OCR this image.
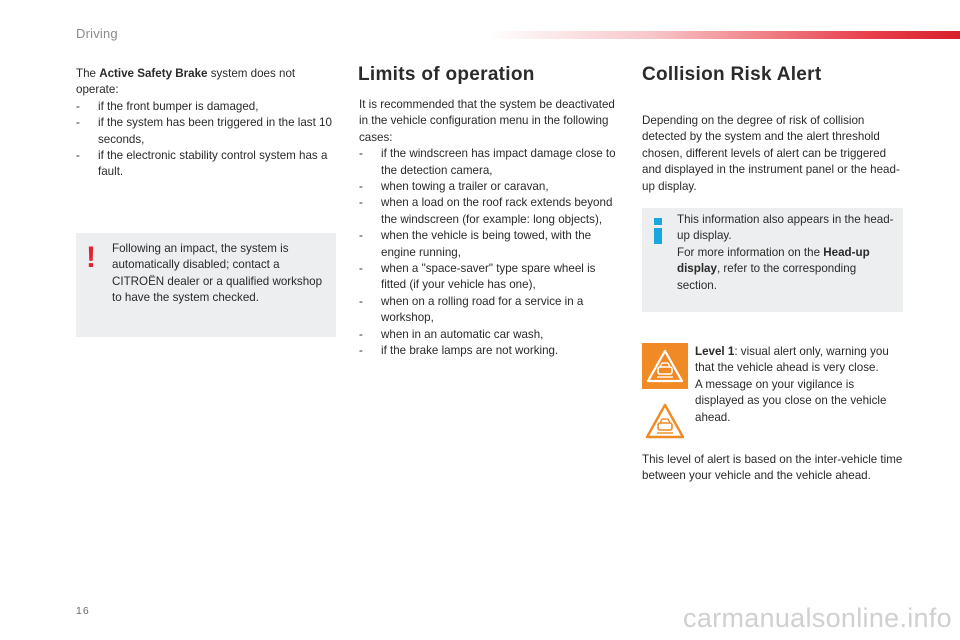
Driving
The Active Safety Brake system does not operate:
- if the front bumper is damaged,
- if the system has been triggered in the last 10 seconds,
- if the electronic stability control system has a fault.
! Following an impact, the system is automatically disabled; contact a CITROËN dealer or a qualified workshop to have the system checked.
Limits of operation
It is recommended that the system be deactivated in the vehicle configuration menu in the following cases:
- if the windscreen has impact damage close to the detection camera,
- when towing a trailer or caravan,
- when a load on the roof rack extends beyond the windscreen (for example: long objects),
- when the vehicle is being towed, with the engine running,
- when a "space-saver" type spare wheel is fitted (if your vehicle has one),
- when on a rolling road for a service in a workshop,
- when in an automatic car wash,
- if the brake lamps are not working.
Collision Risk Alert
Depending on the degree of risk of collision detected by the system and the alert threshold chosen, different levels of alert can be triggered and displayed in the instrument panel or the head-up display.
This information also appears in the head-up display.
For more information on the Head-up display, refer to the corresponding section.
Level 1: visual alert only, warning you that the vehicle ahead is very close.
A message on your vigilance is displayed as you close on the vehicle ahead.
This level of alert is based on the inter-vehicle time between your vehicle and the vehicle ahead.
16	carmanualsonline.info
